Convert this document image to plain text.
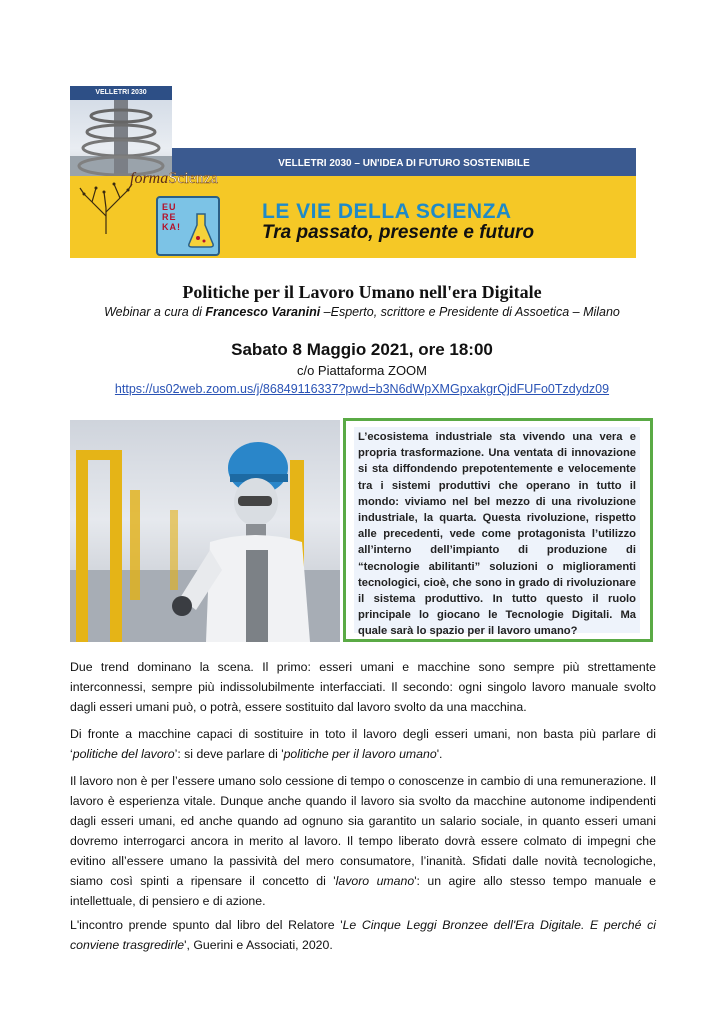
VELLETRI 2030
VELLETRI 2030 – UN'IDEA DI FUTURO SOSTENIBILE
formaScienza
EU RE KA!
LE VIE DELLA SCIENZA
Tra passato, presente e futuro
Politiche per il Lavoro Umano nell'era Digitale
Webinar a cura di Francesco Varanini –Esperto, scrittore e Presidente di Assoetica – Milano
Sabato 8 Maggio 2021, ore 18:00
c/o Piattaforma ZOOM
https://us02web.zoom.us/j/86849116337?pwd=b3N6dWpXMGpxakgrQjdFUFo0Tzdydz09
L’ecosistema industriale sta vivendo una vera e propria trasformazione. Una ventata di innovazione si sta diffondendo prepotentemente e velocemente tra i sistemi produttivi che operano in tutto il mondo: viviamo nel bel mezzo di una rivoluzione industriale, la quarta. Questa rivoluzione, rispetto alle precedenti, vede come protagonista l’utilizzo all’interno dell’impianto di produzione di “tecnologie abilitanti” soluzioni o miglioramenti tecnologici, cioè, che sono in grado di rivoluzionare il sistema produttivo. In tutto questo il ruolo principale lo giocano le Tecnologie Digitali. Ma quale sarà lo spazio per il lavoro umano?
Due trend dominano la scena. Il primo: esseri umani e macchine sono sempre più strettamente interconnessi, sempre più indissolubilmente interfacciati. Il secondo: ogni singolo lavoro manuale svolto dagli esseri umani può, o potrà, essere sostituito dal lavoro svolto da una macchina.
Di fronte a macchine capaci di sostituire in toto il lavoro degli esseri umani, non basta più parlare di ‘politiche del lavoro’: si deve parlare di 'politiche per il lavoro umano'.
Il lavoro non è per l’essere umano solo cessione di tempo o conoscenze in cambio di una remunerazione. Il lavoro è esperienza vitale. Dunque anche quando il lavoro sia svolto da macchine autonome indipendenti dagli esseri umani, ed anche quando ad ognuno sia garantito un salario sociale, in quanto esseri umani dovremo interrogarci ancora in merito al lavoro. Il tempo liberato dovrà essere colmato di impegni che evitino all’essere umano la passività del mero consumatore, l’inanità. Sfidati dalle novità tecnologiche, siamo così spinti a ripensare il concetto di 'lavoro umano': un agire allo stesso tempo manuale e intellettuale, di pensiero e di azione.
L'incontro prende spunto dal libro del Relatore 'Le Cinque Leggi Bronzee dell'Era Digitale. E perché ci conviene trasgredirle', Guerini e Associati, 2020.
